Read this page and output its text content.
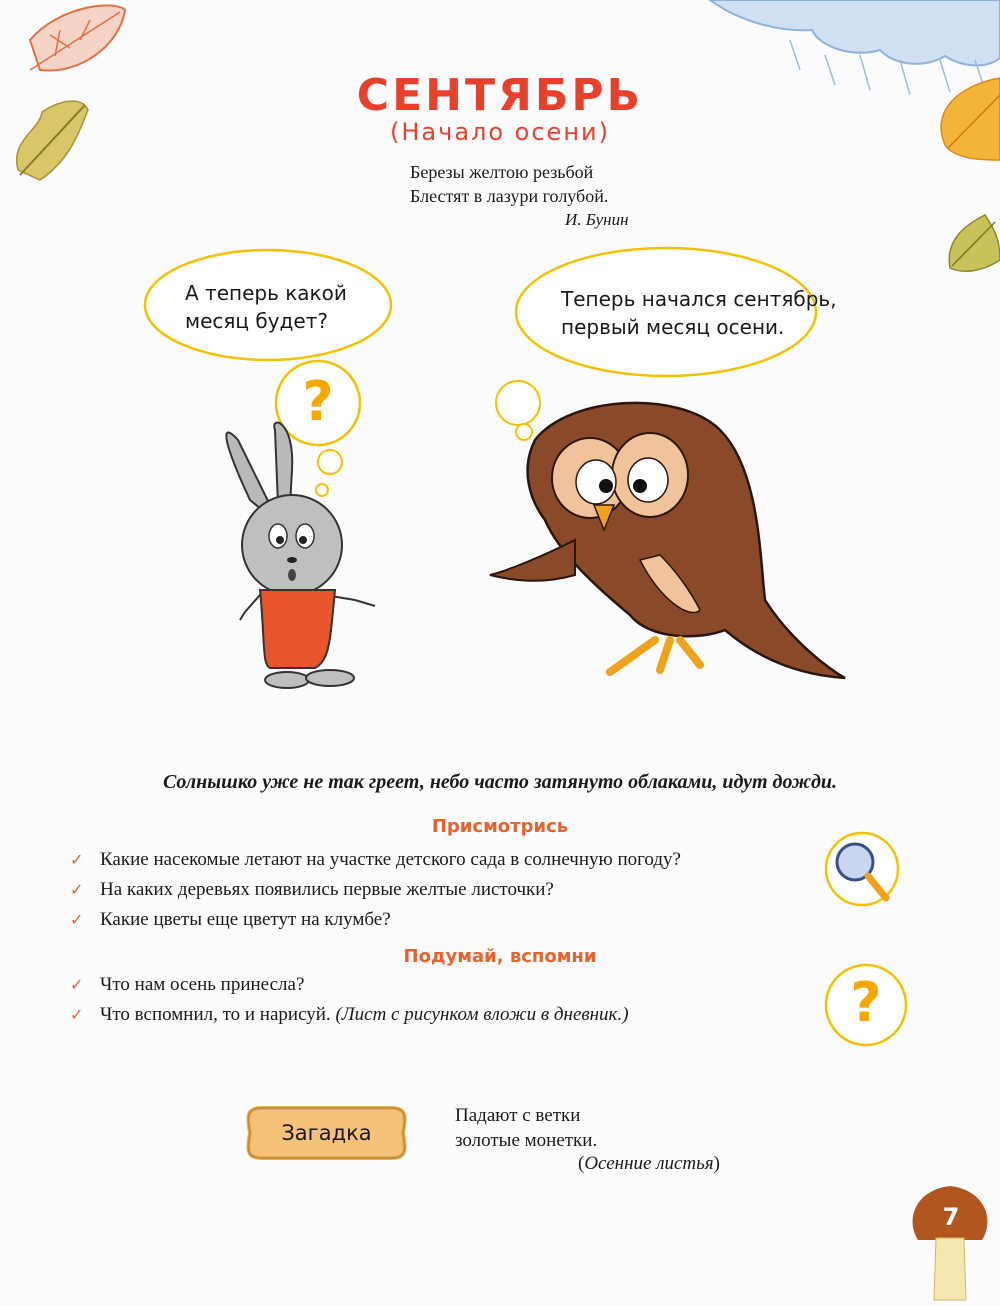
СЕНТЯБРЬ
(Начало осени)
Березы желтою резьбой
Блестят в лазури голубой.
И. Бунин
А теперь какой
месяц будет?
Теперь начался сентябрь,
первый месяц осени.
?
?
Солнышко уже не так греет, небо часто затянуто облаками, идут дожди.
Присмотрись
✓ Какие насекомые летают на участке детского сада в солнечную погоду?
✓ На каких деревьях появились первые желтые листочки?
✓ Какие цветы еще цветут на клумбе?
Подумай, вспомни
✓ Что нам осень принесла?
✓ Что вспомнил, то и нарисуй. (Лист с рисунком вложи в дневник.)
Загадка
Падают с ветки
золотые монетки.
(Осенние листья)
7
